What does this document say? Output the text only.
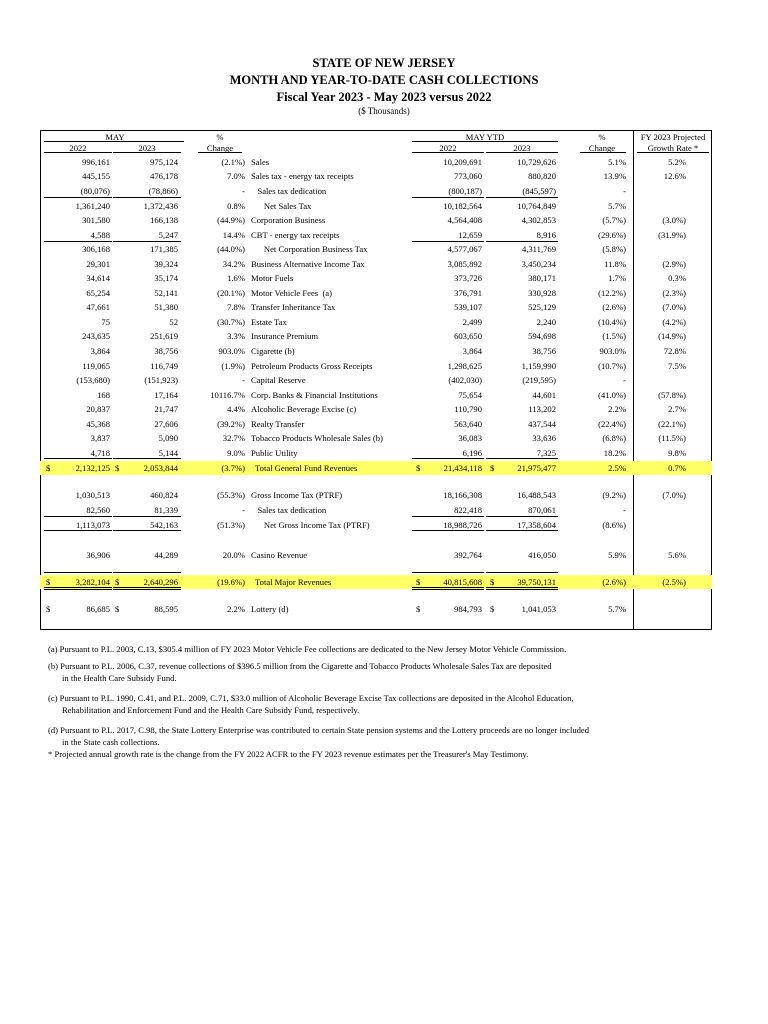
STATE OF NEW JERSEY
MONTH AND YEAR-TO-DATE CASH COLLECTIONS
Fiscal Year 2023 - May 2023 versus 2022
($ Thousands)
MAY	%
Change
2022	2023
MAY YTD
2022	2023
%
Change
FY 2023 Projected
Growth Rate *
996,161	975,124	(2.1%) Sales	10,209,691	10,729,626	5.1%	5.2%
445,155	476,178	7.0% Sales tax - energy tax receipts	773,060	880,820	13.9%	12.6%
(80,076)	(78,866)	- Sales tax dedication	(800,187)	(845,597)	-
1,361,240	1,372,436	0.8% Net Sales Tax	10,182,564	10,764,849	5.7%
301,580	166,138	(44.9%) Corporation Business	4,564,408	4,302,853	(5.7%)	(3.0%)
4,588	5,247	14.4% CBT - energy tax receipts	12,659	8,916	(29.6%)	(31.9%)
306,168	171,385	(44.0%) Net Corporation Business Tax	4,577,067	4,311,769	(5.8%)
29,301	39,324	34.2% Business Alternative Income Tax	3,085,892	3,450,234	11.8%	(2.9%)
34,614	35,174	1.6% Motor Fuels	373,726	380,171	1.7%	0.3%
65,254	52,141	(20.1%) Motor Vehicle Fees  (a)	376,791	330,928	(12.2%)	(2.3%)
47,661	51,380	7.8% Transfer Inheritance Tax	539,107	525,129	(2.6%)	(7.0%)
75	52	(30.7%) Estate Tax	2,499	2,240	(10.4%)	(4.2%)
243,635	251,619	3.3% Insurance Premium	603,650	594,698	(1.5%)	(14.9%)
3,864	38,756	903.0% Cigarette (b)	3,864	38,756	903.0%	72.8%
119,065	116,749	(1.9%) Petroleum Products Gross Receipts	1,298,625	1,159,990	(10.7%)	7.5%
(153,680)	(151,923)	- Capital Reserve	(402,030)	(219,595)	-
168	17,164	10116.7% Corp. Banks & Financial Institutions	75,654	44,601	(41.0%)	(57.8%)
20,837	21,747	4.4% Alcoholic Beverage Excise (c)	110,790	113,202	2.2%	2.7%
45,368	27,606	(39.2%) Realty Transfer	563,640	437,544	(22.4%)	(22.1%)
3,837	5,090	32.7% Tobacco Products Wholesale Sales (b)	36,083	33,636	(6.8%)	(11.5%)
4,718	5,144	9.0% Public Utility	6,196	7,325	18.2%	9.8%
$	2,132,125 $	2,053,844	(3.7%) Total General Fund Revenues	$	21,434,118 $	21,975,477	2.5%	0.7%
1,030,513	460,824	(55.3%) Gross Income Tax (PTRF)	18,166,308	16,488,543	(9.2%)	(7.0%)
82,560	81,339	- Sales tax dedication	822,418	870,061	-
1,113,073	542,163	(51.3%) Net Gross Income Tax (PTRF)	18,988,726	17,358,604	(8.6%)
36,906	44,289	20.0% Casino Revenue	392,764	416,050	5.9%	5.6%
$	3,282,104 $	2,640,296	(19.6%) Total Major Revenues	$	40,815,608 $	39,750,131	(2.6%)	(2.5%)
$	86,685 $	88,595	2.2% Lottery (d)	$	984,793 $	1,041,053	5.7%
(a) Pursuant to P.L. 2003, C.13, $305.4 million of FY 2023 Motor Vehicle Fee collections are dedicated to the New Jersey Motor Vehicle Commission.
(b) Pursuant to P.L. 2006, C.37, revenue collections of $396.5 million from the Cigarette and Tobacco Products Wholesale Sales Tax are deposited
in the Health Care Subsidy Fund.
(c) Pursuant to P.L. 1990, C.41, and P.L. 2009, C.71, $33.0 million of Alcoholic Beverage Excise Tax collections are deposited in the Alcohol Education,
Rehabilitation and Enforcement Fund and the Health Care Subsidy Fund, respectively.
(d) Pursuant to P.L. 2017, C.98, the State Lottery Enterprise was contributed to certain State pension systems and the Lottery proceeds are no longer included
in the State cash collections.
* Projected annual growth rate is the change from the FY 2022 ACFR to the FY 2023 revenue estimates per the Treasurer's May Testimony.
